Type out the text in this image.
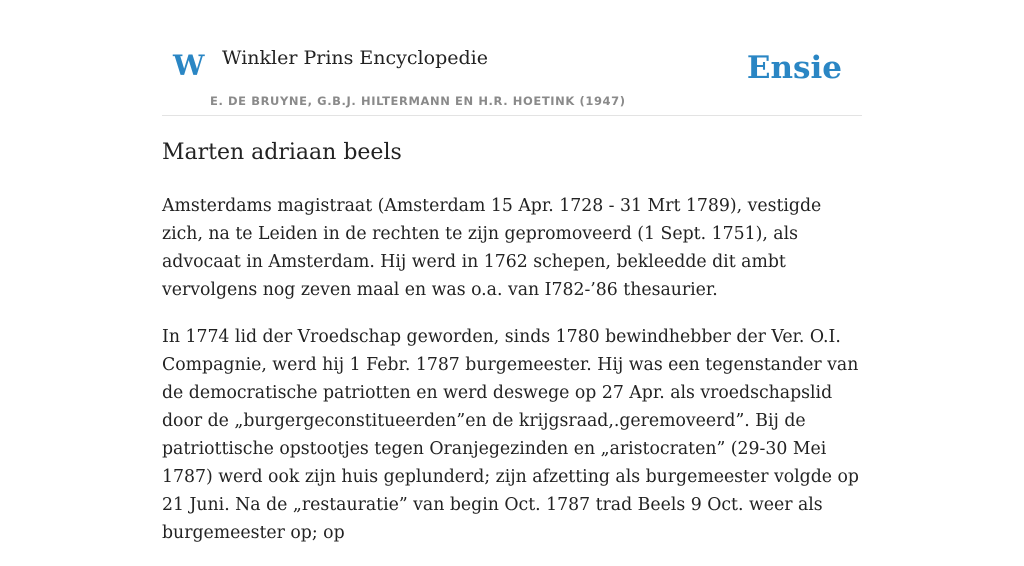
W Winkler Prins Encyclopedie
E. DE BRUYNE, G.B.J. HILTERMANN EN H.R. HOETINK (1947)
Ensie
Marten adriaan beels

Amsterdams magistraat (Amsterdam 15 Apr. 1728 - 31 Mrt 1789), vestigde zich, na te Leiden in de rechten te zijn gepromoveerd (1 Sept. 1751), als advocaat in Amsterdam. Hij werd in 1762 schepen, bekleedde dit ambt vervolgens nog zeven maal en was o.a. van I782-’86 thesaurier.

In 1774 lid der Vroedschap geworden, sinds 1780 bewindhebber der Ver. O.I. Compagnie, werd hij 1 Febr. 1787 burgemeester. Hij was een tegenstander van de democratische patriotten en werd deswege op 27 Apr. als vroedschapslid door de „burgergeconstitueerden”en de krijgsraad,.geremoveerd”. Bij de patriottische opstootjes tegen Oranjegezinden en „aristocraten” (29-30 Mei 1787) werd ook zijn huis geplunderd; zijn afzetting als burgemeester volgde op 21 Juni. Na de „restauratie” van begin Oct. 1787 trad Beels 9 Oct. weer als burgemeester op; op
